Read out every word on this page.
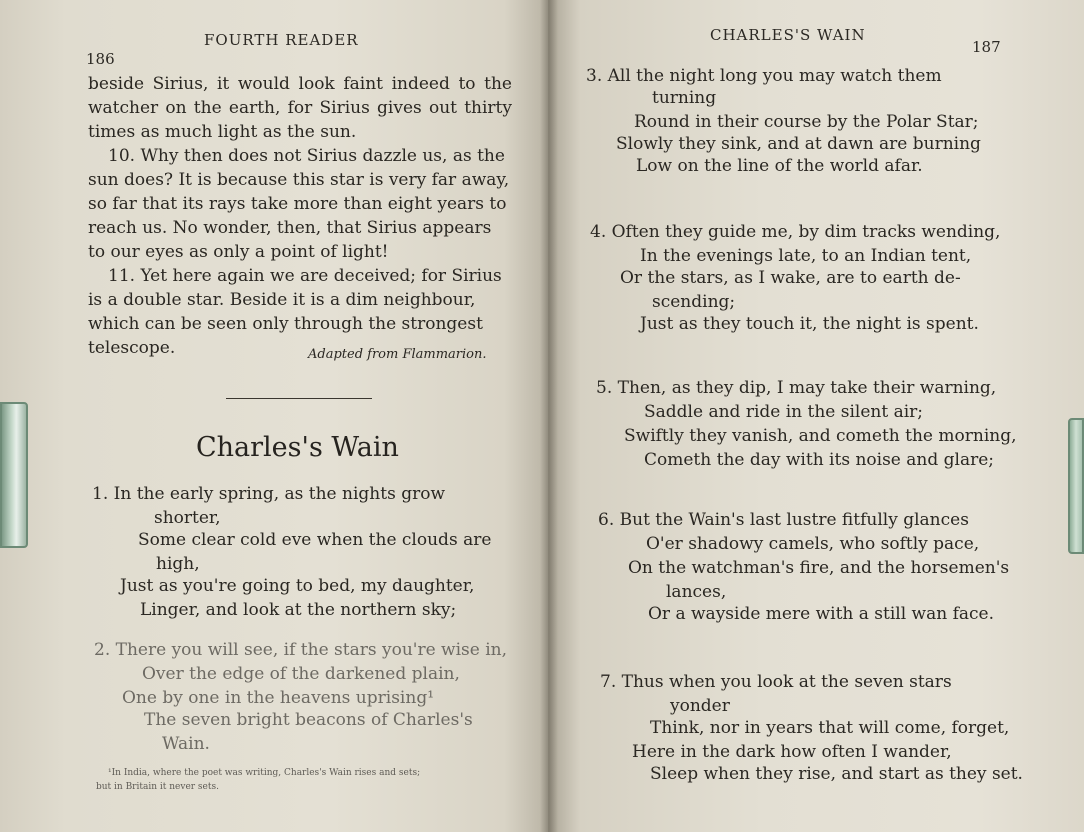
186

FOURTH READER

beside Sirius, it would look faint indeed to the

watcher on the earth, for Sirius gives out thirty

times as much light as the sun.

10. Why then does not Sirius dazzle us, as the

sun does? It is because this star is very far away,

so far that its rays take more than eight years to

reach us. No wonder, then, that Sirius appears

to our eyes as only a point of light!

11. Yet here again we are deceived; for Sirius

is a double star. Beside it is a dim neighbour,

which can be seen only through the strongest

telescope.	Adapted from Flammarion.

Charles's Wain

1. In the early spring, as the nights grow

shorter,

Some clear cold eve when the clouds are

high,

Just as you're going to bed, my daughter,

Linger, and look at the northern sky;

2. There you will see, if the stars you're wise in,

Over the edge of the darkened plain,

One by one in the heavens uprising¹

The seven bright beacons of Charles's

Wain.

¹In India, where the poet was writing, Charles's Wain rises and sets;

but in Britain it never sets.

CHARLES'S WAIN

187

3. All the night long you may watch them

turning

Round in their course by the Polar Star;

Slowly they sink, and at dawn are burning

Low on the line of the world afar.

4. Often they guide me, by dim tracks wending,

In the evenings late, to an Indian tent,

Or the stars, as I wake, are to earth de-

scending;

Just as they touch it, the night is spent.

5. Then, as they dip, I may take their warning,

Saddle and ride in the silent air;

Swiftly they vanish, and cometh the morning,

Cometh the day with its noise and glare;

6. But the Wain's last lustre fitfully glances

O'er shadowy camels, who softly pace,

On the watchman's fire, and the horsemen's

lances,

Or a wayside mere with a still wan face.

7. Thus when you look at the seven stars

yonder

Think, nor in years that will come, forget,

Here in the dark how often I wander,

Sleep when they rise, and start as they set.
